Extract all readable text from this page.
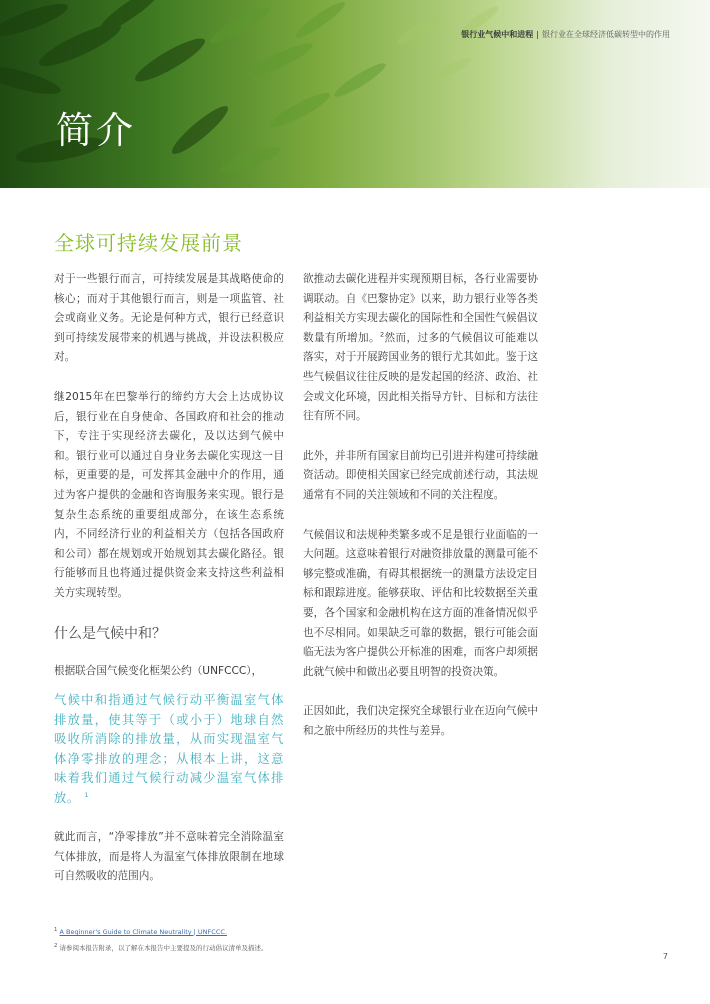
银行业气候中和进程 | 银行业在全球经济低碳转型中的作用
简介
全球可持续发展前景

对于一些银行而言，可持续发展是其战略使命的核心；而对于其他银行而言，则是一项监管、社会或商业义务。无论是何种方式，银行已经意识到可持续发展带来的机遇与挑战，并设法积极应对。

继2015年在巴黎举行的缔约方大会上达成协议后，银行业在自身使命、各国政府和社会的推动下，专注于实现经济去碳化，及以达到气候中和。银行业可以通过自身业务去碳化实现这一目标，更重要的是，可发挥其金融中介的作用，通过为客户提供的金融和咨询服务来实现。银行是复杂生态系统的重要组成部分，在该生态系统内，不同经济行业的利益相关方（包括各国政府和公司）都在规划或开始规划其去碳化路径。银行能够而且也将通过提供资金来支持这些利益相关方实现转型。

什么是气候中和？

根据联合国气候变化框架公约（UNFCCC），

气候中和指通过气候行动平衡温室气体排放量，使其等于（或小于）地球自然吸收所消除的排放量，从而实现温室气体净零排放的理念；从根本上讲，这意味着我们通过气候行动减少温室气体排放。 $^1$

就此而言，“净零排放”并不意味着完全消除温室气体排放，而是将人为温室气体排放限制在地球可自然吸收的范围内。

欲推动去碳化进程并实现预期目标，各行业需要协调联动。自《巴黎协定》以来，助力银行业等各类利益相关方实现去碳化的国际性和全国性气候倡议数量有所增加。$^2$然而，过多的气候倡议可能难以落实，对于开展跨国业务的银行尤其如此。鉴于这些气候倡议往往反映的是发起国的经济、政治、社会或文化环境，因此相关指导方针、目标和方法往往有所不同。

此外，并非所有国家目前均已引进并构建可持续融资活动。即使相关国家已经完成前述行动，其法规通常有不同的关注领域和不同的关注程度。

气候倡议和法规种类繁多或不足是银行业面临的一大问题。这意味着银行对融资排放量的测量可能不够完整或准确，有碍其根据统一的测量方法设定目标和跟踪进度。能够获取、评估和比较数据至关重要，各个国家和金融机构在这方面的准备情况似乎也不尽相同。如果缺乏可靠的数据，银行可能会面临无法为客户提供公开标准的困难，而客户却须据此就气候中和做出必要且明智的投资决策。

正因如此，我们决定探究全球银行业在迈向气候中和之旅中所经历的共性与差异。

$^1$ A Beginner's Guide to Climate Neutrality | UNFCCC.
$^2$ 请参阅本报告附录，以了解在本报告中主要提及的行动倡议清单及描述。
7
